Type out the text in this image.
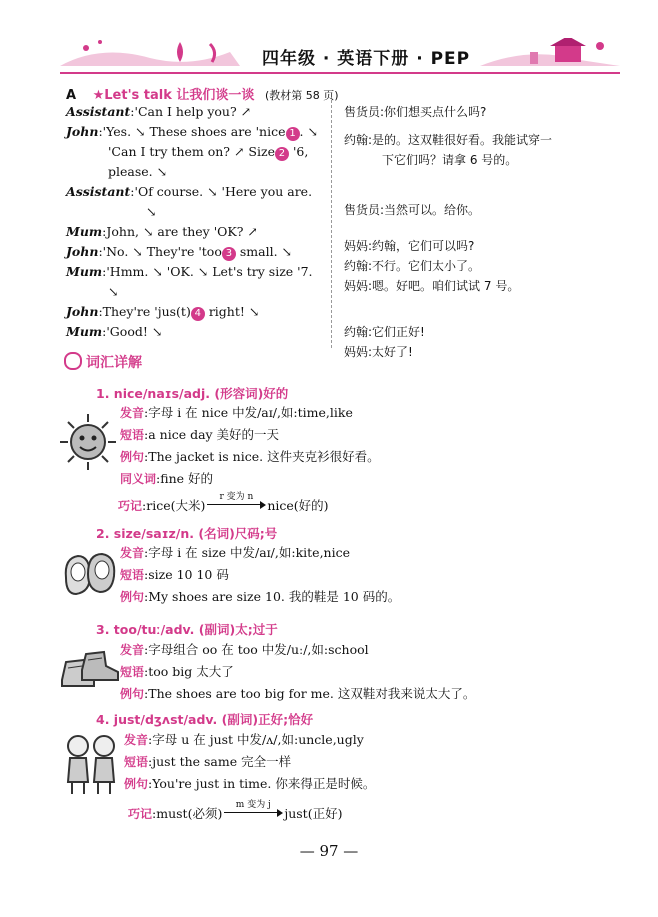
四年级 · 英语下册 · PEP
A ★Let's talk 让我们谈一谈 (教材第 58 页)
Assistant:'Can I help you? ↗
John:'Yes. ↘ These shoes are 'nice 1 . ↘
'Can I try them on? ↗ Size 2 '6,
please. ↘
Assistant:'Of course. ↘ 'Here you are.
↘
Mum:John, ↘ are they 'OK? ↗
John:'No. ↘ They're 'too 3 small. ↘
Mum:'Hmm. ↘ 'OK. ↘ Let's try size '7.
↘
John:They're 'jus(t) 4 right! ↘
Mum:'Good! ↘
售货员:你们想买点什么吗?
约翰:是的。这双鞋很好看。我能试穿一
下它们吗？请拿 6 号的。
售货员:当然可以。给你。
妈妈:约翰，它们可以吗?
约翰:不行。它们太小了。
妈妈:嗯。好吧。咱们试试 7 号。
约翰:它们正好!
妈妈:太好了!
词汇详解
1. nice/naɪs/adj. (形容词)好的
发音:字母 i 在 nice 中发/aɪ/,如:time,like
短语:a nice day 美好的一天
例句:The jacket is nice. 这件夹克衫很好看。
同义词:fine 好的
巧记:rice(大米)
r 变为 n
nice(好的)
2. size/saɪz/n. (名词)尺码;号
发音:字母 i 在 size 中发/aɪ/,如:kite,nice
短语:size 10 10 码
例句:My shoes are size 10. 我的鞋是 10 码的。
3. too/tuː/adv. (副词)太;过于
发音:字母组合 oo 在 too 中发/uː/,如:school
短语:too big 太大了
例句:The shoes are too big for me. 这双鞋对我来说太大了。
4. just/dʒʌst/adv. (副词)正好;恰好
发音:字母 u 在 just 中发/ʌ/,如:uncle,ugly
短语:just the same 完全一样
例句:You're just in time. 你来得正是时候。
巧记:must(必须)
m 变为 j
just(正好)
— 97 —
